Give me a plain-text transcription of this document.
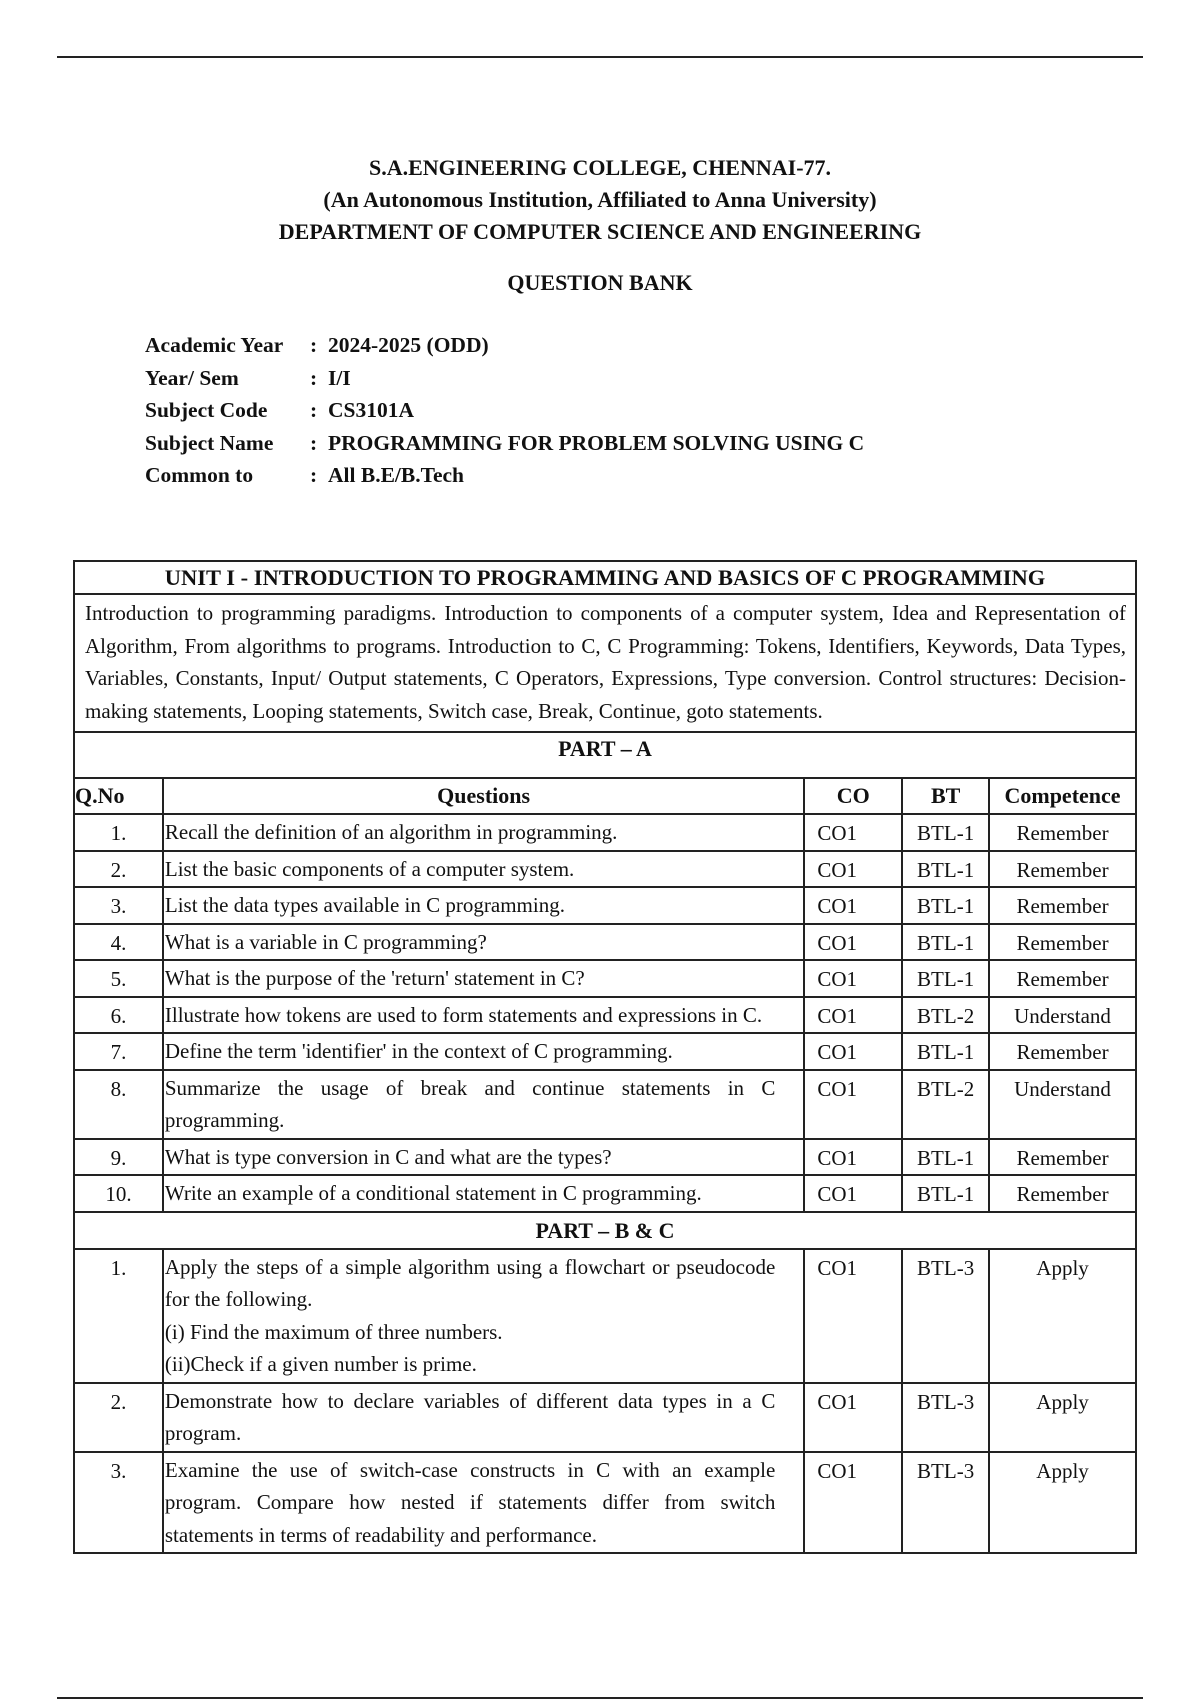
S.A.ENGINEERING COLLEGE, CHENNAI-77.
(An Autonomous Institution, Affiliated to Anna University)
DEPARTMENT OF COMPUTER SCIENCE AND ENGINEERING
QUESTION BANK
Academic Year	: 2024-2025 (ODD)
Year/ Sem	: I/I
Subject Code	: CS3101A
Subject Name	: PROGRAMMING FOR PROBLEM SOLVING USING C
Common to	: All B.E/B.Tech
UNIT I - INTRODUCTION TO PROGRAMMING AND BASICS OF C PROGRAMMING				
Introduction to programming paradigms. Introduction to components of a computer system, Idea and Representation of Algorithm, From algorithms to programs. Introduction to C, C Programming: Tokens, Identifiers, Keywords, Data Types, Variables, Constants, Input/ Output statements, C Operators, Expressions, Type conversion. Control structures: Decision-making statements, Looping statements, Switch case, Break, Continue, goto statements.				
PART – A				
Q.No	Questions	CO	BT	Competence
1.	Recall the definition of an algorithm in programming.	CO1	BTL-1	Remember
2.	List the basic components of a computer system.	CO1	BTL-1	Remember
3.	List the data types available in C programming.	CO1	BTL-1	Remember
4.	What is a variable in C programming?	CO1	BTL-1	Remember
5.	What is the purpose of the 'return' statement in C?	CO1	BTL-1	Remember
6.	Illustrate how tokens are used to form statements and expressions in C.	CO1	BTL-2	Understand
7.	Define the term 'identifier' in the context of C programming.	CO1	BTL-1	Remember
8.	Summarize the usage of break and continue statements in C programming.	CO1	BTL-2	Understand
9.	What is type conversion in C and what are the types?	CO1	BTL-1	Remember
10.	Write an example of a conditional statement in C programming.	CO1	BTL-1	Remember
PART – B & C				
1.	Apply the steps of a simple algorithm using a flowchart or pseudocode for the following.
(i) Find the maximum of three numbers.
(ii)Check if a given number is prime.	CO1	BTL-3	Apply
2.	Demonstrate how to declare variables of different data types in a C program.	CO1	BTL-3	Apply
3.	Examine the use of switch-case constructs in C with an example program. Compare how nested if statements differ from switch statements in terms of readability and performance.	CO1	BTL-3	Apply
